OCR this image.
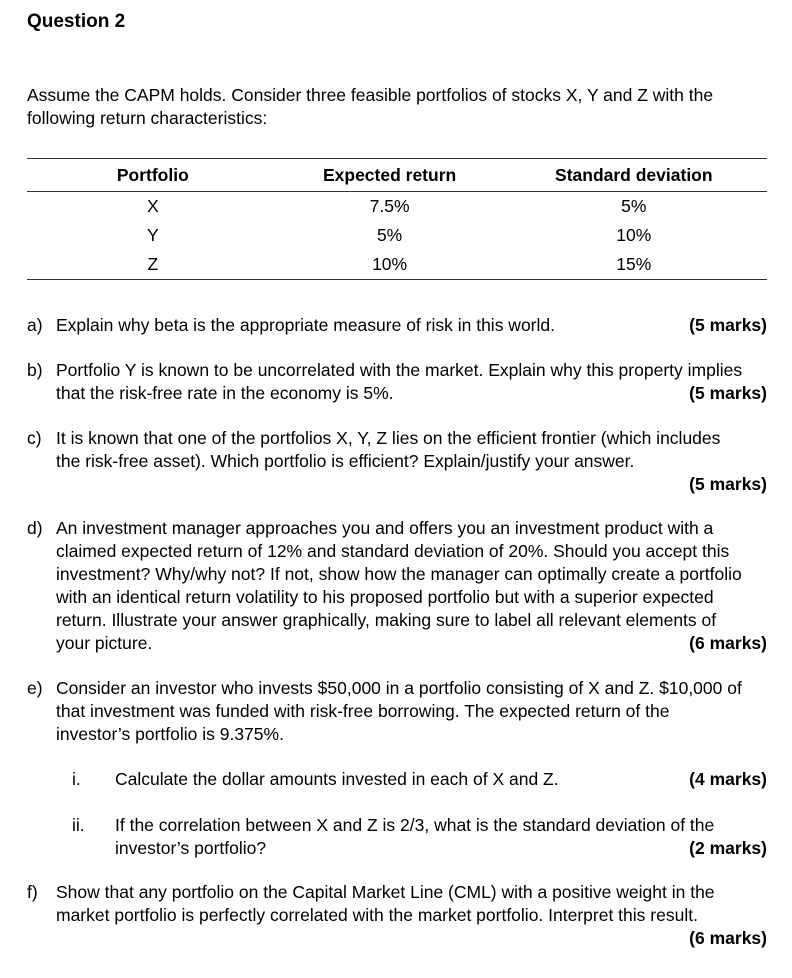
Question 2
Assume the CAPM holds. Consider three feasible portfolios of stocks X, Y and Z with the following return characteristics:
Portfolio	Expected return	Standard deviation
X	7.5%	5%
Y	5%	10%
Z	10%	15%
a)	(5 marks)
Explain why beta is the appropriate measure of risk in this world.
b) Portfolio Y is known to be uncorrelated with the market. Explain why this property implies that the risk-free rate in the economy is 5%.	(5 marks)
c) It is known that one of the portfolios X, Y, Z lies on the efficient frontier (which includes the risk-free asset). Which portfolio is efficient? Explain/justify your answer.
(5 marks)
d) An investment manager approaches you and offers you an investment product with a claimed expected return of 12% and standard deviation of 20%. Should you accept this investment? Why/why not? If not, show how the manager can optimally create a portfolio with an identical return volatility to his proposed portfolio but with a superior expected return. Illustrate your answer graphically, making sure to label all relevant elements of your picture.	(6 marks)
e) Consider an investor who invests $50,000 in a portfolio consisting of X and Z. $10,000 of that investment was funded with risk-free borrowing. The expected return of the investor’s portfolio is 9.375%.
i.	(4 marks)
Calculate the dollar amounts invested in each of X and Z.
ii. If the correlation between X and Z is 2/3, what is the standard deviation of the investor’s portfolio?	(2 marks)
f) Show that any portfolio on the Capital Market Line (CML) with a positive weight in the market portfolio is perfectly correlated with the market portfolio. Interpret this result.
(6 marks)
